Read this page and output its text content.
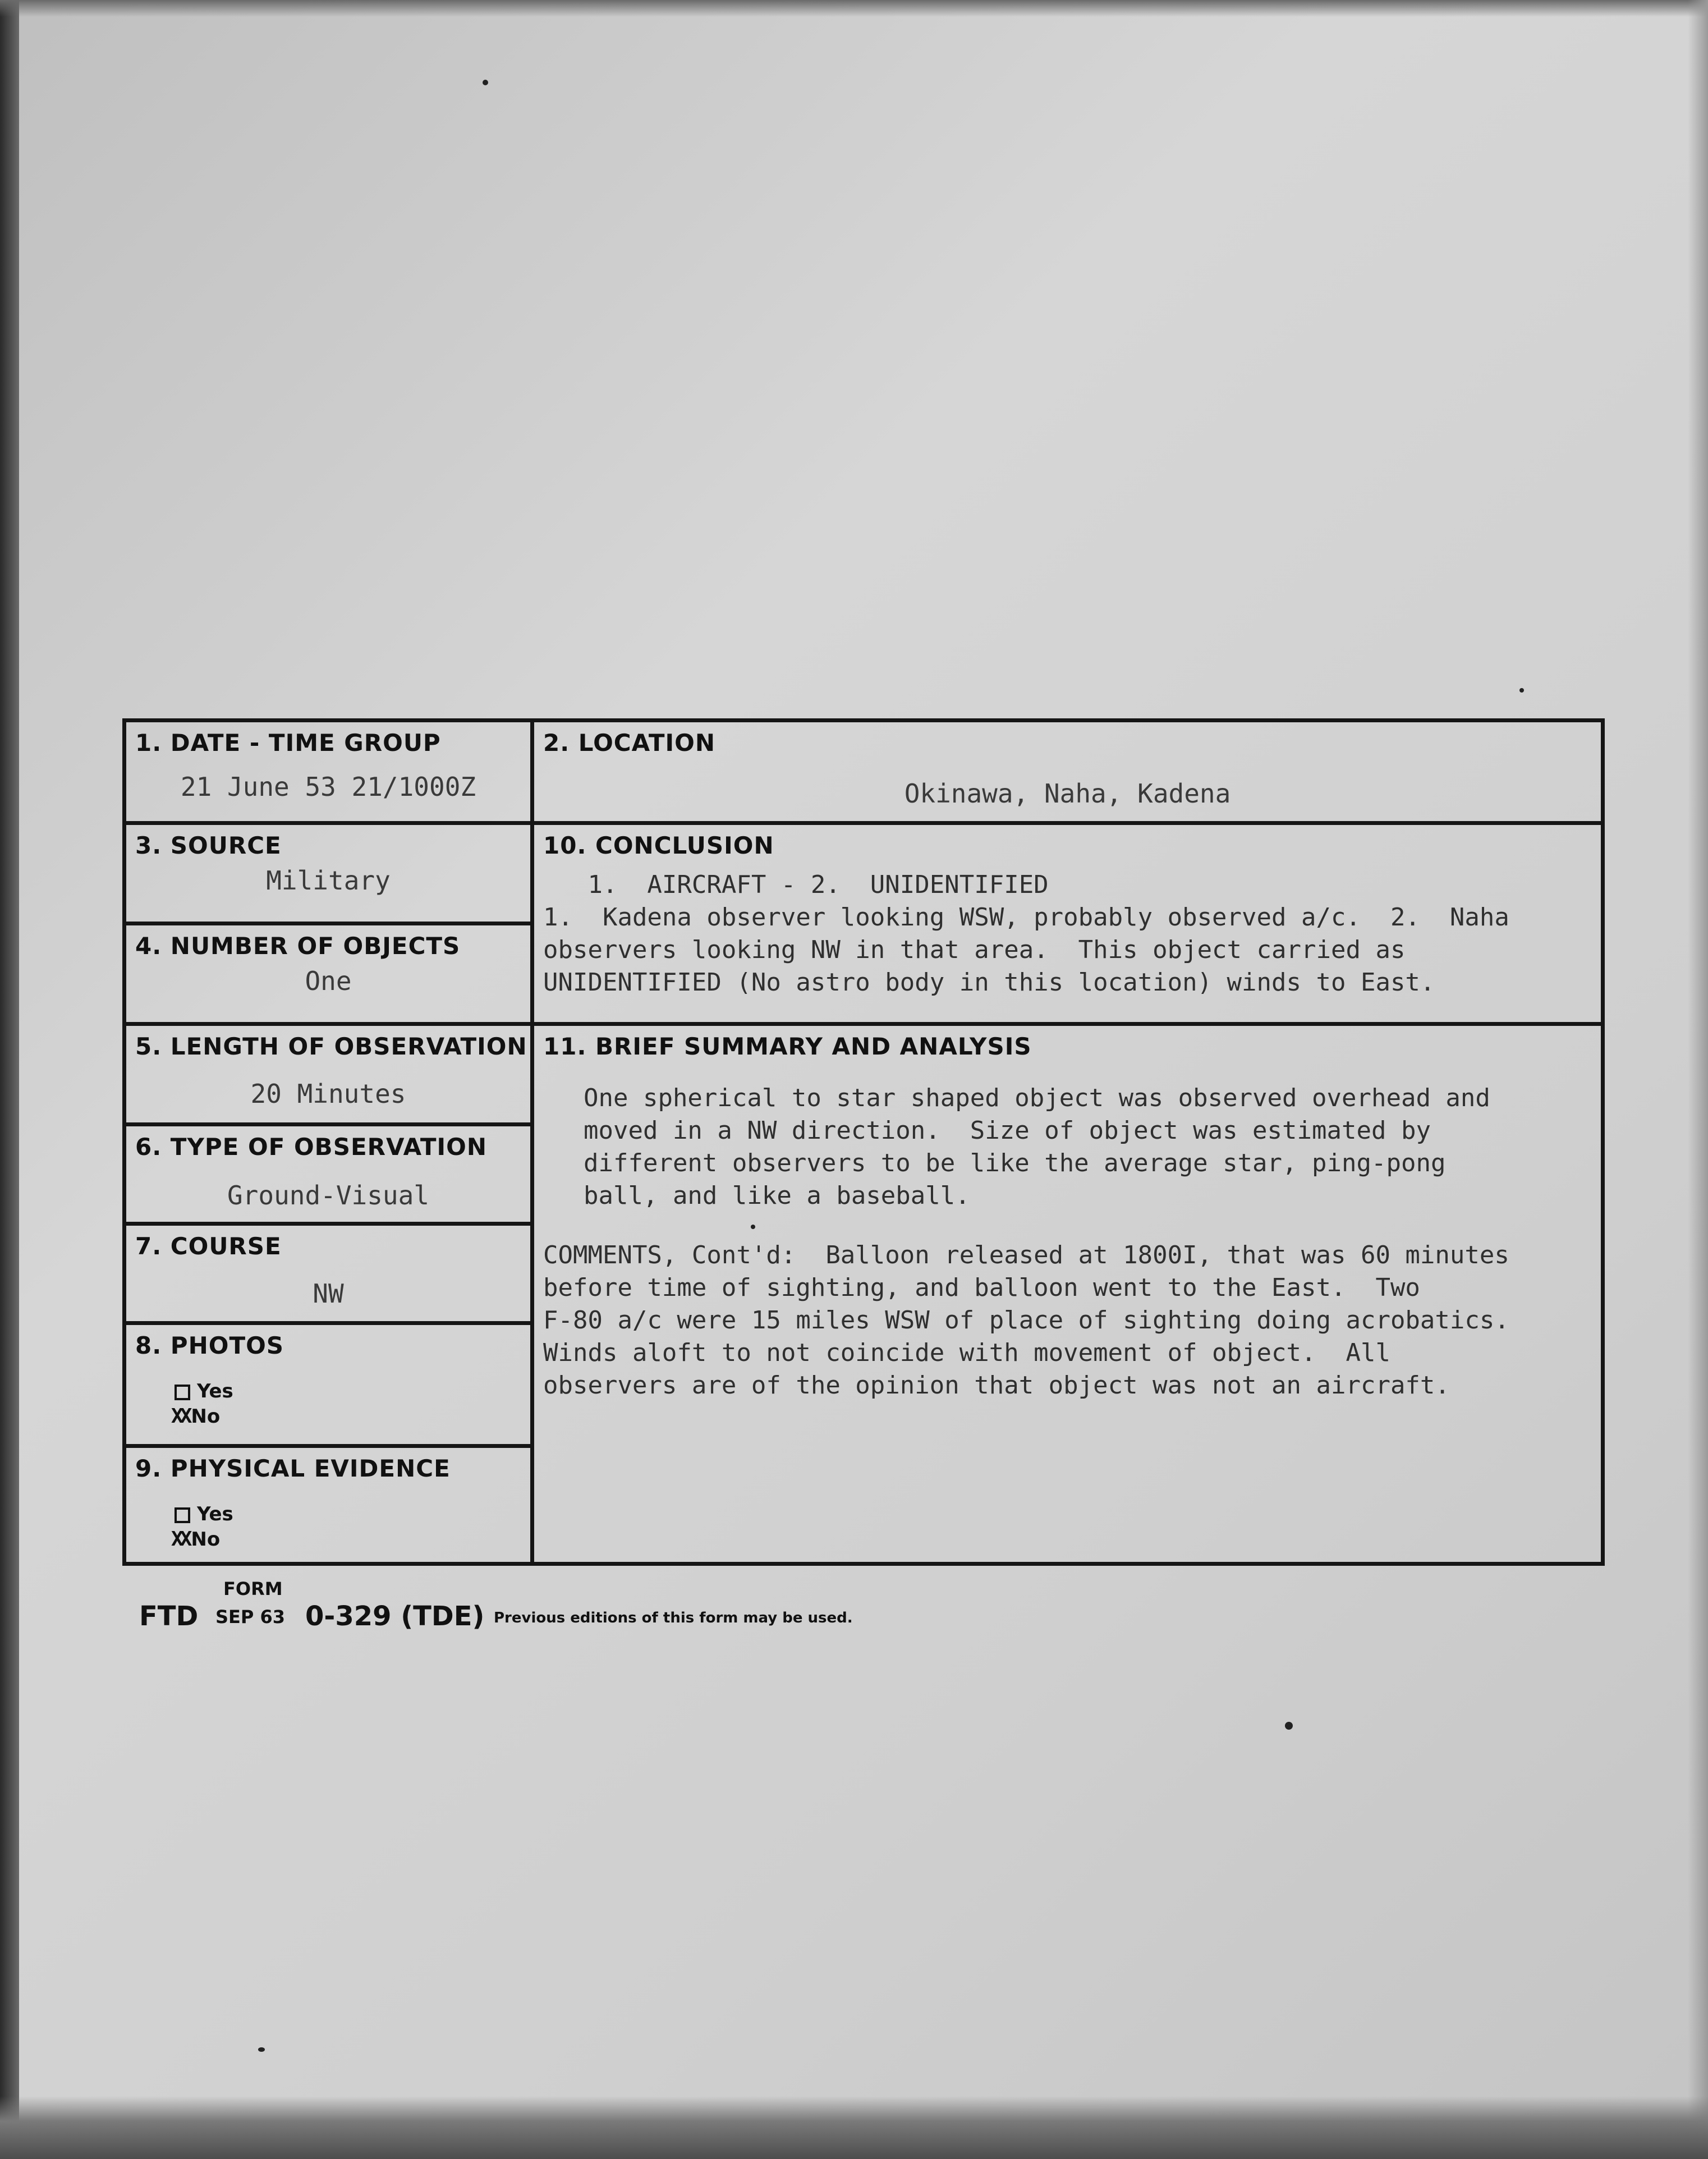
1. DATE - TIME GROUP
21 June 53 21/1000Z
3. SOURCE
Military
4. NUMBER OF OBJECTS
One
5. LENGTH OF OBSERVATION
20 Minutes
6. TYPE OF OBSERVATION
Ground-Visual
7. COURSE
NW
8. PHOTOS
Yes
XX No
9. PHYSICAL EVIDENCE
Yes
XX No
2. LOCATION
Okinawa, Naha, Kadena
10. CONCLUSION
1.  AIRCRAFT - 2.  UNIDENTIFIED
1.  Kadena observer looking WSW, probably observed a/c.  2.  Naha
observers looking NW in that area.  This object carried as
UNIDENTIFIED (No astro body in this location) winds to East.
11. BRIEF SUMMARY AND ANALYSIS
One spherical to star shaped object was observed overhead and
moved in a NW direction.  Size of object was estimated by
different observers to be like the average star, ping-pong
ball, and like a baseball.
COMMENTS, Cont'd:  Balloon released at 1800I, that was 60 minutes
before time of sighting, and balloon went to the East.  Two
F-80 a/c were 15 miles WSW of place of sighting doing acrobatics.
Winds aloft to not coincide with movement of object.  All
observers are of the opinion that object was not an aircraft.
FORM
FTD SEP 63 0-329 (TDE) Previous editions of this form may be used.
